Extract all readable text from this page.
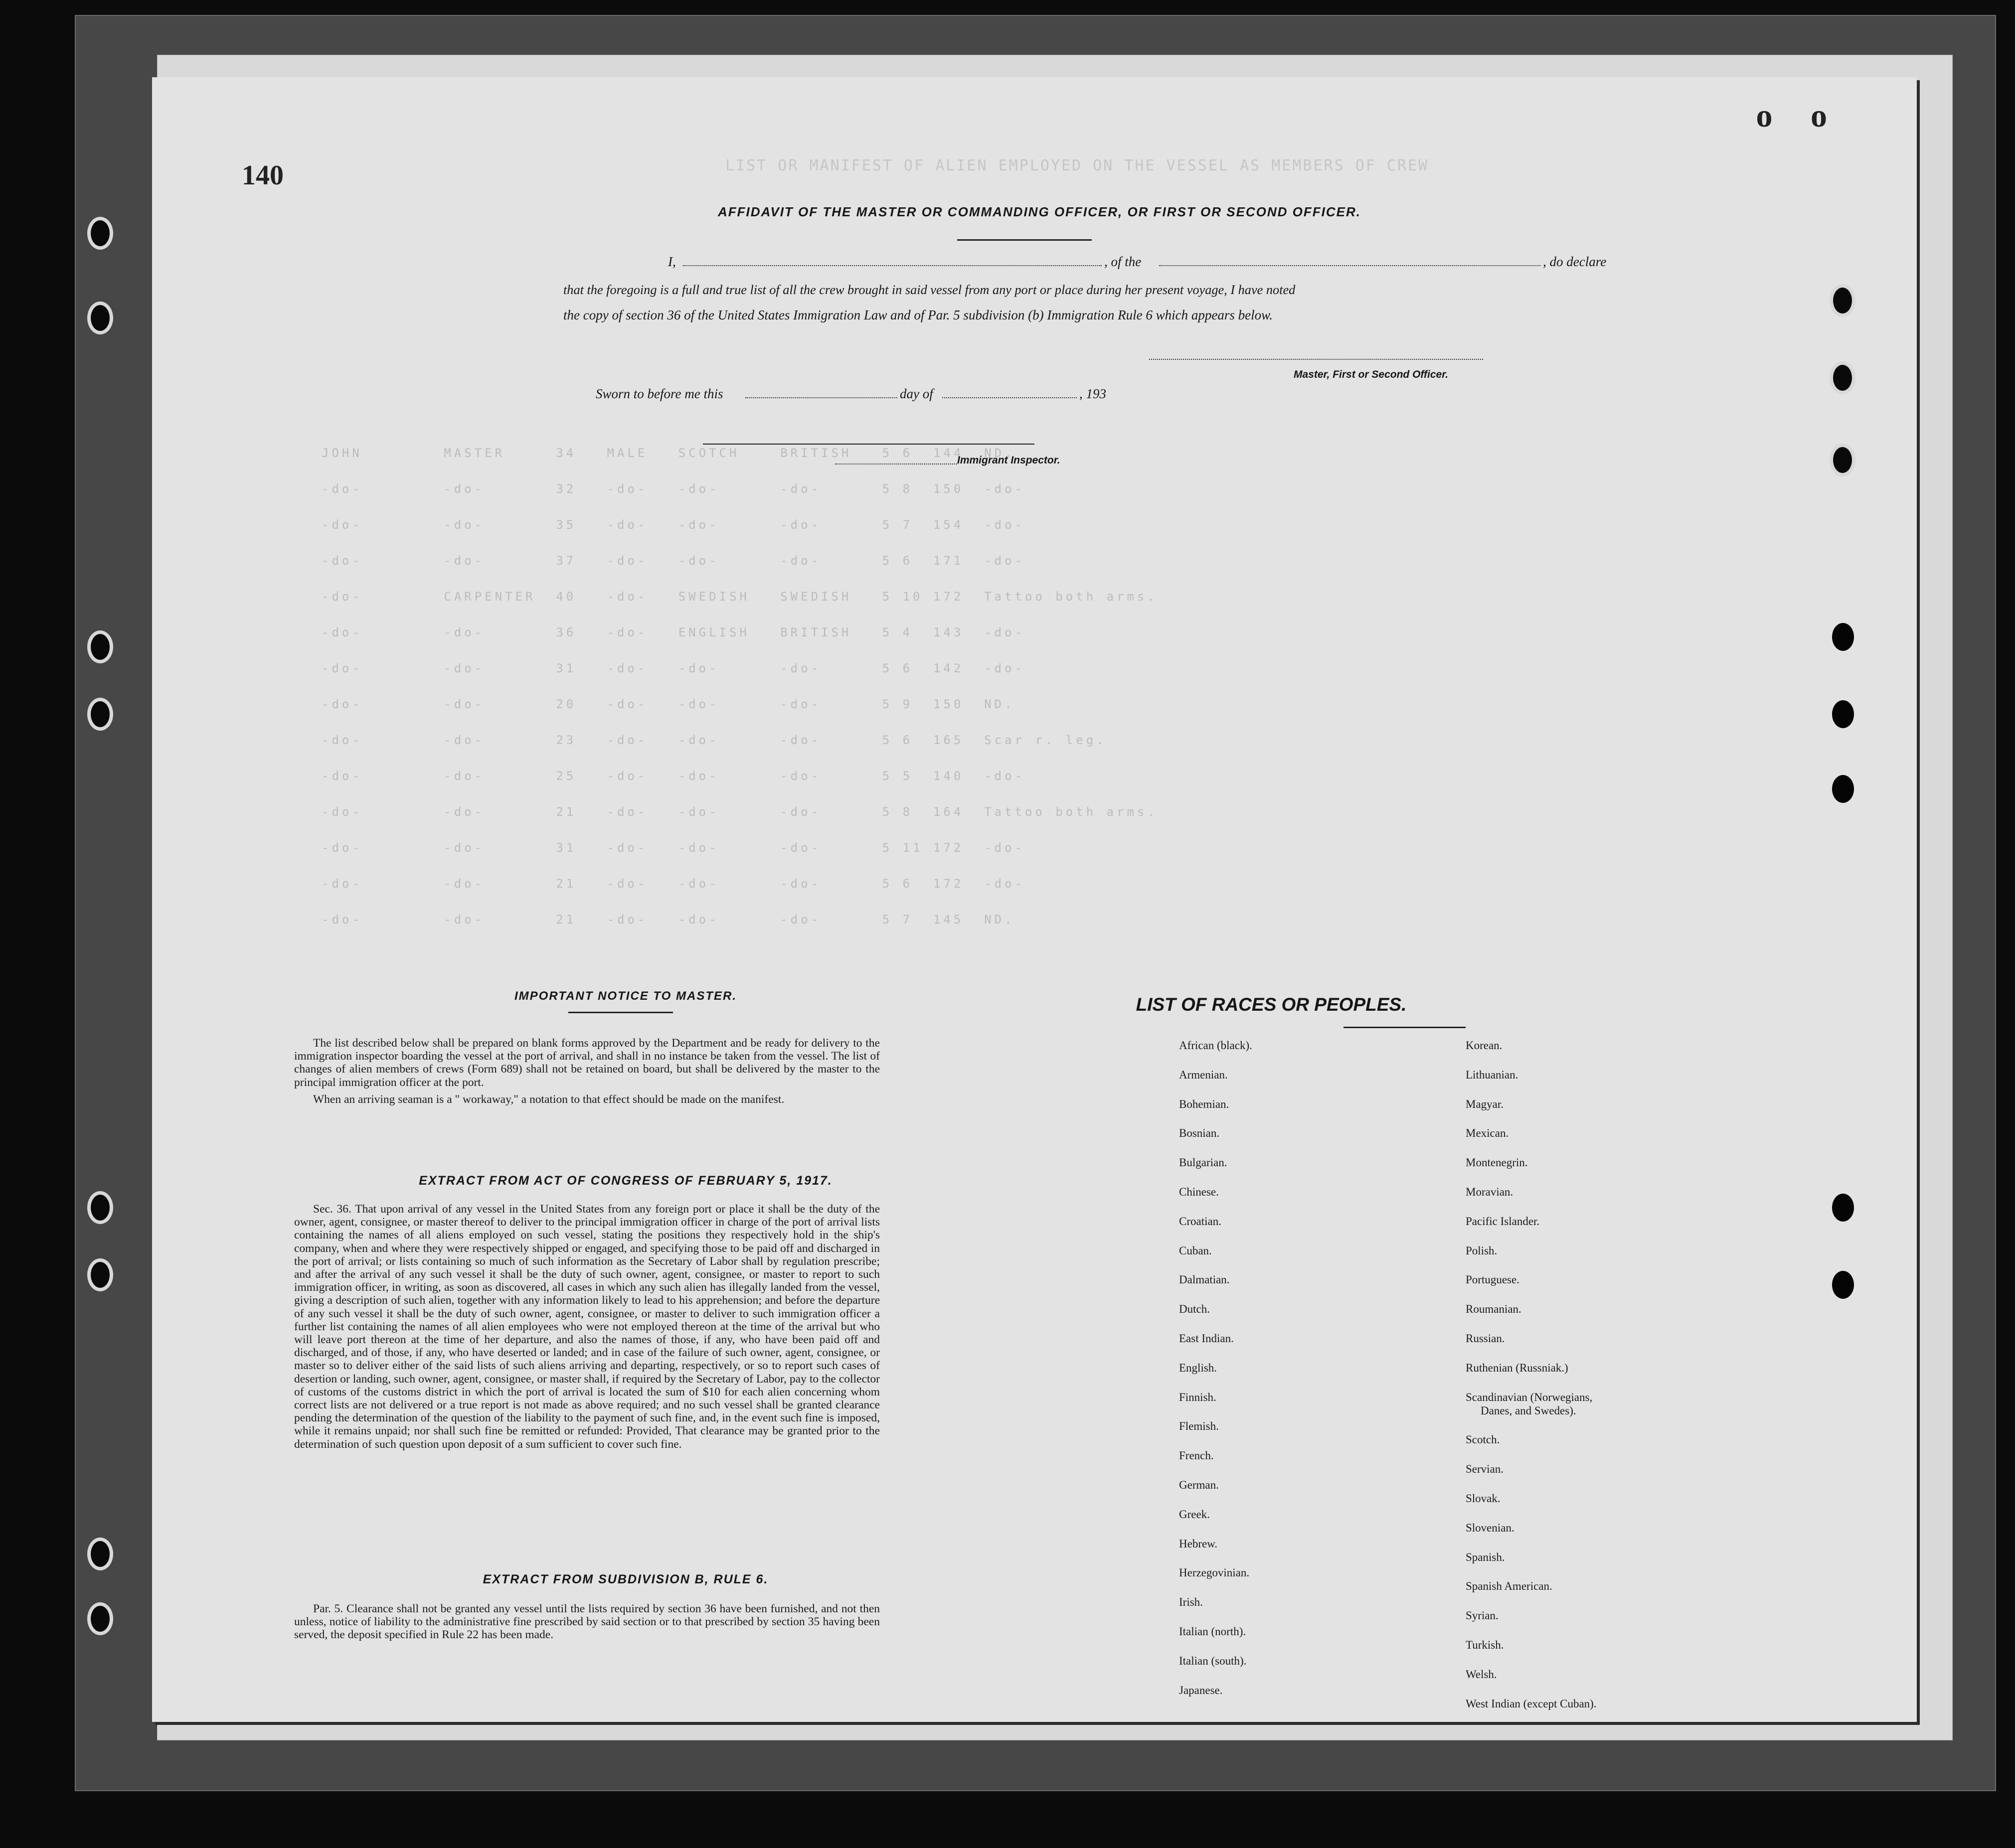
140
o o
LIST OR MANIFEST OF ALIEN EMPLOYED ON THE VESSEL AS MEMBERS OF CREW
JOHN        MASTER     34   MALE   SCOTCH    BRITISH   5 6  144  ND.
-do-        -do-       32   -do-   -do-      -do-      5 8  150  -do-
-do-        -do-       35   -do-   -do-      -do-      5 7  154  -do-
-do-        -do-       37   -do-   -do-      -do-      5 6  171  -do-
-do-        CARPENTER  40   -do-   SWEDISH   SWEDISH   5 10 172  Tattoo both arms.
-do-        -do-       36   -do-   ENGLISH   BRITISH   5 4  143  -do-
-do-        -do-       31   -do-   -do-      -do-      5 6  142  -do-
-do-        -do-       20   -do-   -do-      -do-      5 9  150  ND.
-do-        -do-       23   -do-   -do-      -do-      5 6  165  Scar r. leg.
-do-        -do-       25   -do-   -do-      -do-      5 5  140  -do-
-do-        -do-       21   -do-   -do-      -do-      5 8  164  Tattoo both arms.
-do-        -do-       31   -do-   -do-      -do-      5 11 172  -do-
-do-        -do-       21   -do-   -do-      -do-      5 6  172  -do-
-do-        -do-       21   -do-   -do-      -do-      5 7  145  ND.
AFFIDAVIT OF THE MASTER OR COMMANDING OFFICER, OR FIRST OR SECOND OFFICER.
I,	, of the	, do declare
that the foregoing is a full and true list of all the crew brought in said vessel from any port or place during her present voyage, I have noted
the copy of section 36 of the United States Immigration Law and of Par. 5 subdivision (b) Immigration Rule 6 which appears below.
Master, First or Second Officer.
Sworn to before me this	day of	, 193
Immigrant Inspector.
IMPORTANT NOTICE TO MASTER.

The list described below shall be prepared on blank forms approved by the Department and be ready for delivery to the immigration inspector boarding the vessel at the port of arrival, and shall in no instance be taken from the vessel. The list of changes of alien members of crews (Form 689) shall not be retained on board, but shall be delivered by the master to the principal immigration officer at the port.

When an arriving seaman is a " workaway," a notation to that effect should be made on the manifest.

EXTRACT FROM ACT OF CONGRESS OF FEBRUARY 5, 1917.
Sec. 36. That upon arrival of any vessel in the United States from any foreign port or place it shall be the duty of the owner, agent, consignee, or master thereof to deliver to the principal immigration officer in charge of the port of arrival lists containing the names of all aliens employed on such vessel, stating the positions they respectively hold in the ship's company, when and where they were respectively shipped or engaged, and specifying those to be paid off and discharged in the port of arrival; or lists containing so much of such information as the Secretary of Labor shall by regulation prescribe; and after the arrival of any such vessel it shall be the duty of such owner, agent, consignee, or master to report to such immigration officer, in writing, as soon as discovered, all cases in which any such alien has illegally landed from the vessel, giving a description of such alien, together with any information likely to lead to his apprehension; and before the departure of any such vessel it shall be the duty of such owner, agent, consignee, or master to deliver to such immigration officer a further list containing the names of all alien employees who were not employed thereon at the time of the arrival but who will leave port thereon at the time of her departure, and also the names of those, if any, who have been paid off and discharged, and of those, if any, who have deserted or landed; and in case of the failure of such owner, agent, consignee, or master so to deliver either of the said lists of such aliens arriving and departing, respectively, or so to report such cases of desertion or landing, such owner, agent, consignee, or master shall, if required by the Secretary of Labor, pay to the collector of customs of the customs district in which the port of arrival is located the sum of $10 for each alien concerning whom correct lists are not delivered or a true report is not made as above required; and no such vessel shall be granted clearance pending the determination of the question of the liability to the payment of such fine, and, in the event such fine is imposed, while it remains unpaid; nor shall such fine be remitted or refunded: Provided, That clearance may be granted prior to the determination of such question upon deposit of a sum sufficient to cover such fine.
EXTRACT FROM SUBDIVISION B, RULE 6.
Par. 5. Clearance shall not be granted any vessel until the lists required by section 36 have been furnished, and not then unless, notice of liability to the administrative fine prescribed by said section or to that prescribed by section 35 having been served, the deposit specified in Rule 22 has been made.
LIST OF RACES OR PEOPLES.
African (black).
Armenian.
Bohemian.
Bosnian.
Bulgarian.
Chinese.
Croatian.
Cuban.
Dalmatian.
Dutch.
East Indian.
English.
Finnish.
Flemish.
French.
German.
Greek.
Hebrew.
Herzegovinian.
Irish.
Italian (north).
Italian (south).
Japanese.
Korean.
Lithuanian.
Magyar.
Mexican.
Montenegrin.
Moravian.
Pacific Islander.
Polish.
Portuguese.
Roumanian.
Russian.
Ruthenian (Russniak.)
Scandinavian (Norwegians,
Danes, and Swedes).
Scotch.
Servian.
Slovak.
Slovenian.
Spanish.
Spanish American.
Syrian.
Turkish.
Welsh.
West Indian (except Cuban).
